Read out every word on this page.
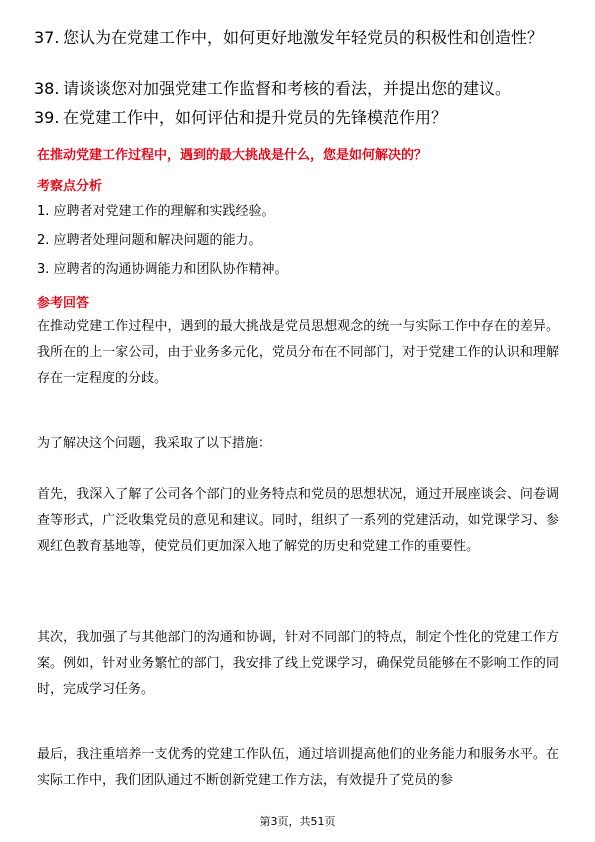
37. 您认为在党建工作中，如何更好地激发年轻党员的积极性和创造性？
38. 请谈谈您对加强党建工作监督和考核的看法，并提出您的建议。
39. 在党建工作中，如何评估和提升党员的先锋模范作用？
在推动党建工作过程中，遇到的最大挑战是什么，您是如何解决的？
考察点分析
1. 应聘者对党建工作的理解和实践经验。
2. 应聘者处理问题和解决问题的能力。
3. 应聘者的沟通协调能力和团队协作精神。
参考回答
在推动党建工作过程中，遇到的最大挑战是党员思想观念的统一与实际工作中存在的差异。我所在的上一家公司，由于业务多元化，党员分布在不同部门，对于党建工作的认识和理解存在一定程度的分歧。
为了解决这个问题，我采取了以下措施：
首先，我深入了解了公司各个部门的业务特点和党员的思想状况，通过开展座谈会、问卷调查等形式，广泛收集党员的意见和建议。同时，组织了一系列的党建活动，如党课学习、参观红色教育基地等，使党员们更加深入地了解党的历史和党建工作的重要性。
其次，我加强了与其他部门的沟通和协调，针对不同部门的特点，制定个性化的党建工作方案。例如，针对业务繁忙的部门，我安排了线上党课学习，确保党员能够在不影响工作的同时，完成学习任务。
最后，我注重培养一支优秀的党建工作队伍，通过培训提高他们的业务能力和服务水平。在实际工作中，我们团队通过不断创新党建工作方法，有效提升了党员的参
第3页，共51页
